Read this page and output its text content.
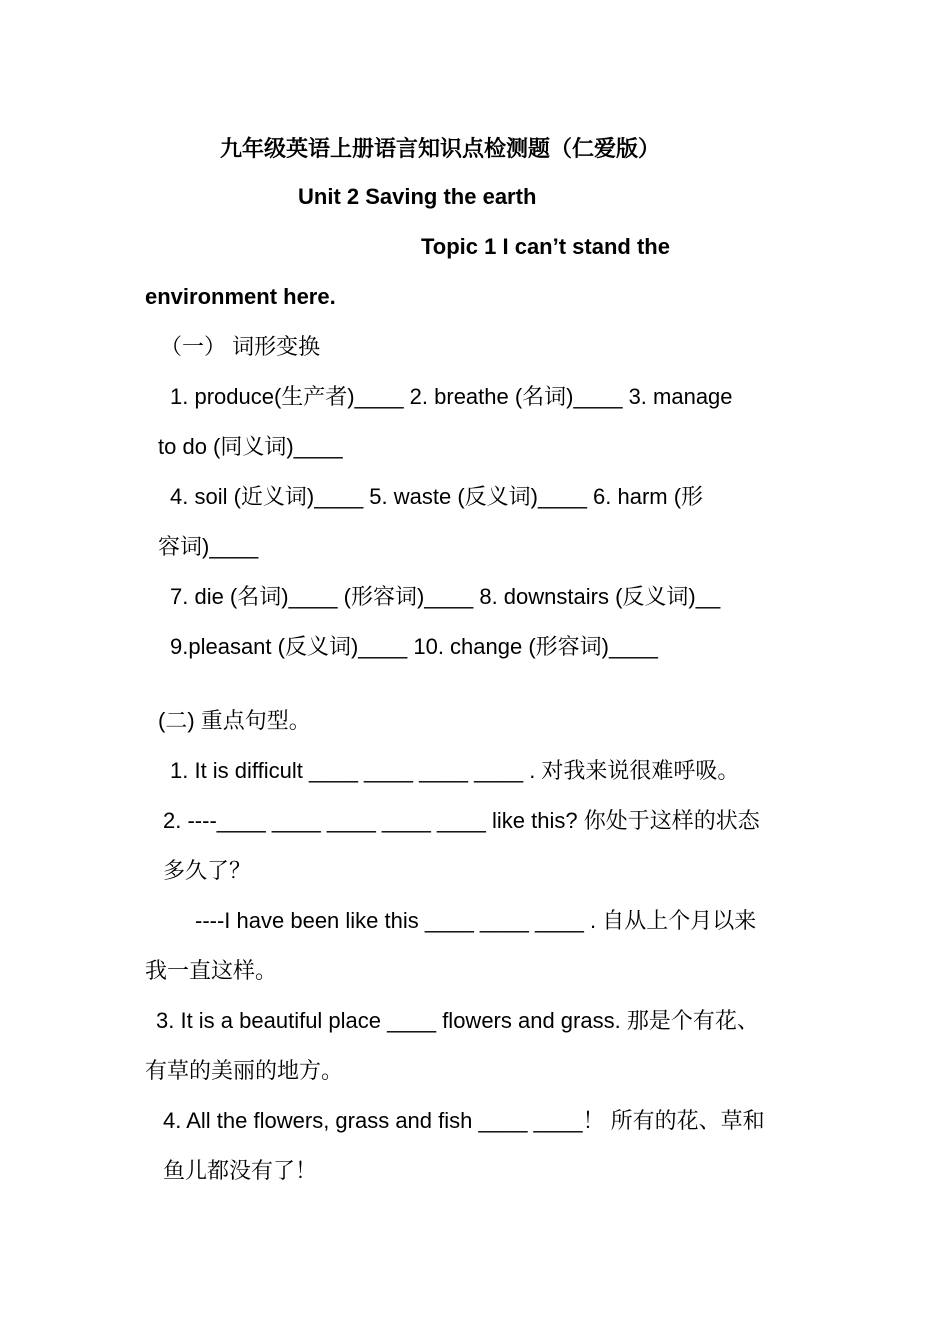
九年级英语上册语言知识点检测题（仁爱版）
Unit 2 Saving the earth
Topic 1 I can’t stand the
environment here.
（一） 词形变换
1. produce(生产者)____ 2. breathe (名词)____ 3. manage
to do (同义词)____
4. soil (近义词)____ 5. waste (反义词)____ 6. harm (形
容词)____
7. die (名词)____ (形容词)____ 8. downstairs (反义词)__
9.pleasant (反义词)____ 10. change (形容词)____
(二) 重点句型。
1. It is difficult ____ ____ ____ ____ . 对我来说很难呼吸。
2. ----____ ____ ____ ____ ____ like this? 你处于这样的状态
多久了？
----I have been like this ____ ____ ____ . 自从上个月以来
我一直这样。
3. It is a beautiful place ____ flowers and grass. 那是个有花、
有草的美丽的地方。
4. All the flowers, grass and fish ____ ____！ 所有的花、草和
鱼儿都没有了！
